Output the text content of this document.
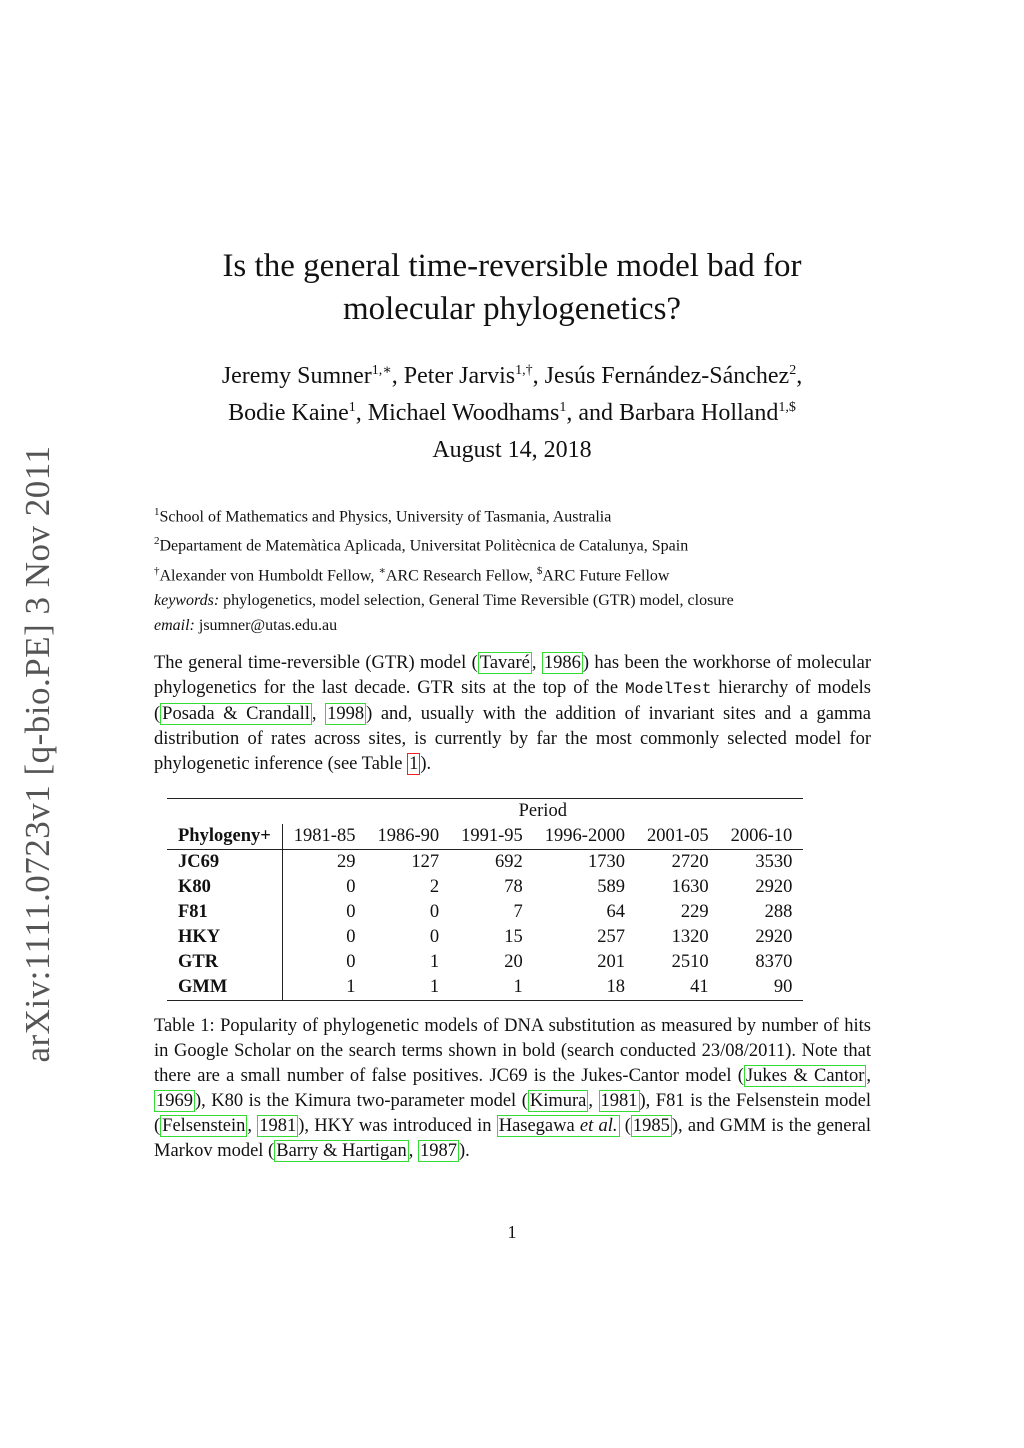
arXiv:1111.0723v1 [q-bio.PE] 3 Nov 2011
Is the general time-reversible model bad for
molecular phylogenetics?
Jeremy Sumner$^{1,∗}$, Peter Jarvis$^{1,\dagger}$, Jesús Fernández-Sánchez$^2$,
Bodie Kaine$^1$, Michael Woodhams$^1$, and Barbara Holland$^{1,\$}$
August 14, 2018
$^1$School of Mathematics and Physics, University of Tasmania, Australia
$^2$Departament de Matemàtica Aplicada, Universitat Politècnica de Catalunya, Spain
†Alexander von Humboldt Fellow, ∗ARC Research Fellow, $ARC Future Fellow
keywords: phylogenetics, model selection, General Time Reversible (GTR) model, closure
email: jsumner@utas.edu.au
The general time-reversible (GTR) model ( Tavaré , 1986 ) has been the workhorse of molecular phylogenetics for the last decade. GTR sits at the top of the ModelTest hierarchy of models ( Posada & Crandall , 1998 ) and, usually with the addition of invariant sites and a gamma distribution of rates across sites, is currently by far the most commonly selected model for phylogenetic inference (see Table 1 ).
	Period					
Phylogeny+	1981-85	1986-90	1991-95	1996-2000	2001-05	2006-10
JC69	29	127	692	1730	2720	3530
K80	0	2	78	589	1630	2920
F81	0	0	7	64	229	288
HKY	0	0	15	257	1320	2920
GTR	0	1	20	201	2510	8370
GMM	1	1	1	18	41	90
Table 1: Popularity of phylogenetic models of DNA substitution as measured by number of hits in Google Scholar on the search terms shown in bold (search conducted 23/08/2011). Note that there are a small number of false positives. JC69 is the Jukes-Cantor model ( Jukes & Cantor , 1969 ), K80 is the Kimura two-parameter model ( Kimura , 1981 ), F81 is the Felsenstein model ( Felsenstein , 1981 ), HKY was introduced in Hasegawa et al. ( 1985 ), and GMM is the general Markov model ( Barry & Hartigan , 1987 ).
1
